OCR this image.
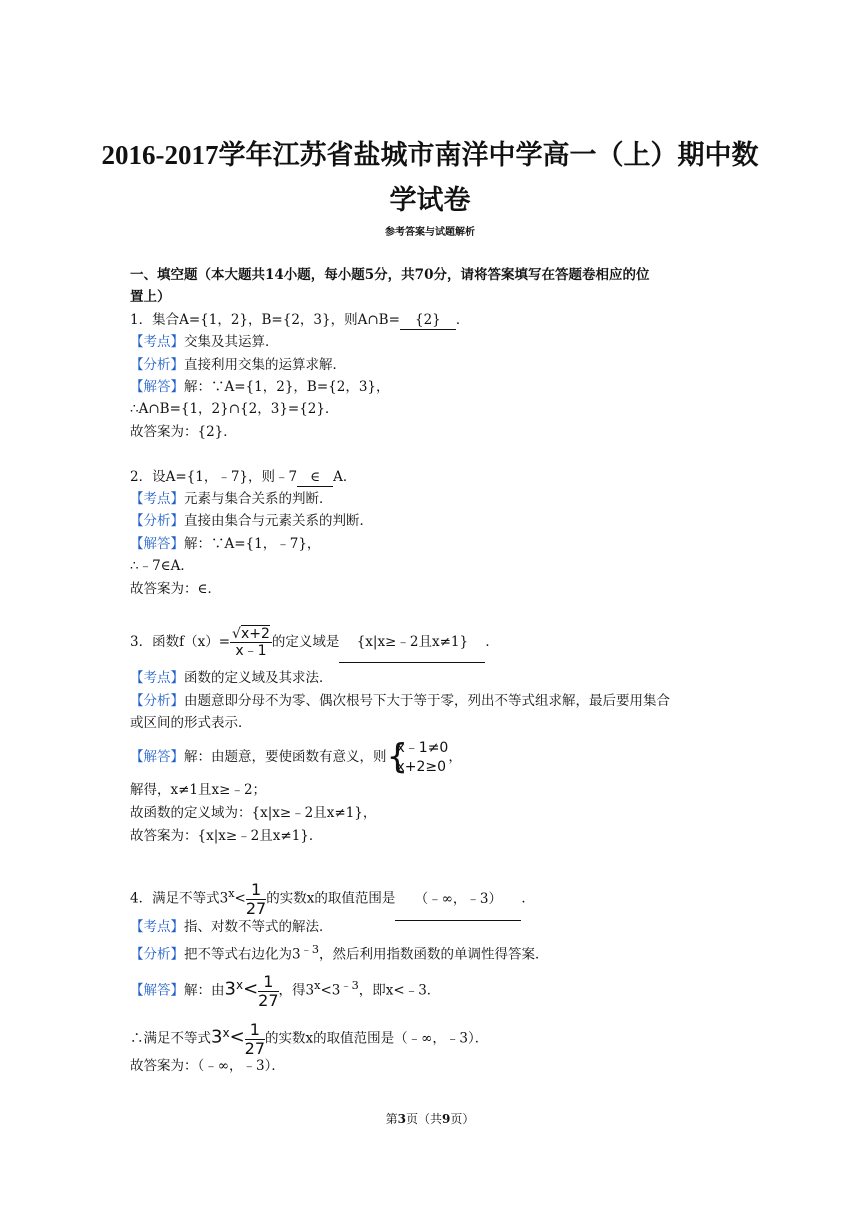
2016-2017学年江苏省盐城市南洋中学高一（上）期中数
学试卷
参考答案与试题解析
一、填空题（本大题共14小题，每小题5分，共70分，请将答案填写在答题卷相应的位
置上）
1．集合A={1，2}，B={2，3}，则A∩B= {2} ．
【考点】交集及其运算．
【分析】直接利用交集的运算求解．
【解答】解：∵A={1，2}，B={2，3}，
∴A∩B={1，2}∩{2，3}={2}．
故答案为：{2}．
2．设A={1，﹣7}，则﹣7 ∈ A．
【考点】元素与集合关系的判断．
【分析】直接由集合与元素关系的判断．
【解答】解：∵A={1，﹣7}，
∴﹣7∈A．
故答案为：∈．
3．函数$f(x)= \frac{√x+2}{x﹣1}$ 的定义域是 {x|x≥﹣2且x≠1} ．
【考点】函数的定义域及其求法．
【分析】由题意即分母不为零、偶次根号下大于等于零，列出不等式组求解，最后要用集合
或区间的形式表示．
【解答】解：由题意，要使函数有意义，则 {
x﹣1≠0
x+2≥0
，
解得，x≠1且x≥﹣2；
故函数的定义域为：{x|x≥﹣2且x≠1}，
故答案为：{x|x≥﹣2且x≠1}．
4．满足不等式$3^x< \frac{1}{27}$ 的实数x的取值范围是 （﹣∞，﹣3） ．
【考点】指、对数不等式的解法．
【分析】把不等式右边化为$3^{﹣3}$，然后利用指数函数的单调性得答案．
【解答】解：由$3^x< \frac{1}{27}$ ，得$3^x<3^{﹣3}$，即x<﹣3．
∴满足不等式$3^x< \frac{1}{27}$ 的实数x的取值范围是（﹣∞，﹣3）．
故答案为：（﹣∞，﹣3）．
第3页（共9页）
